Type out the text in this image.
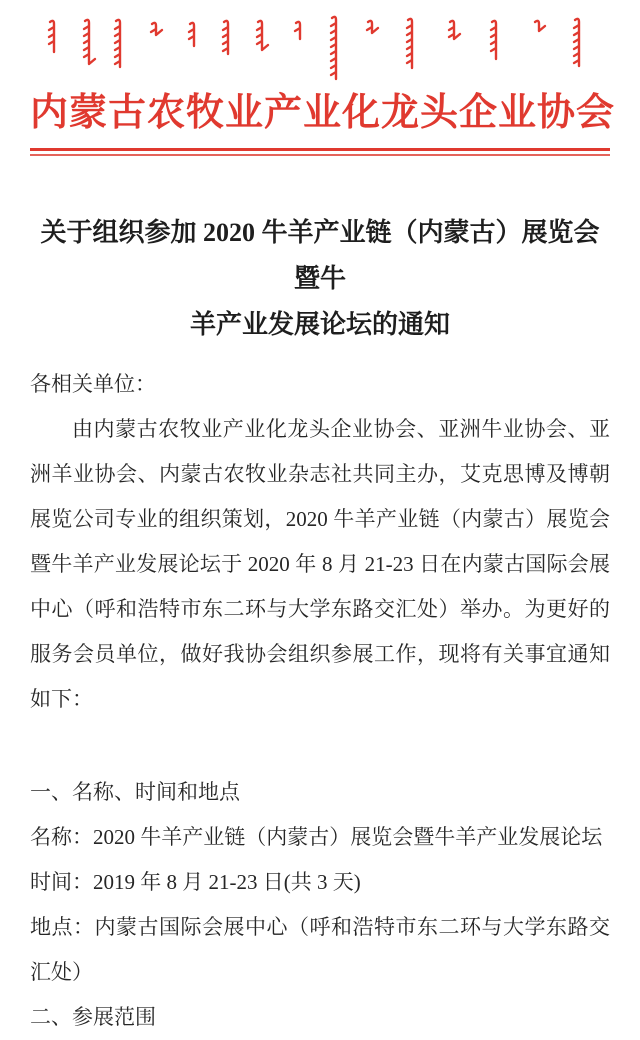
内蒙古农牧业产业化龙头企业协会
关于组织参加 2020 牛羊产业链（内蒙古）展览会暨牛
羊产业发展论坛的通知
各相关单位：
由内蒙古农牧业产业化龙头企业协会、亚洲牛业协会、亚洲羊业协会、内蒙古农牧业杂志社共同主办，艾克思博及博朝展览公司专业的组织策划，2020 牛羊产业链（内蒙古）展览会暨牛羊产业发展论坛于 2020 年 8 月 21-23 日在内蒙古国际会展中心（呼和浩特市东二环与大学东路交汇处）举办。为更好的服务会员单位，做好我协会组织参展工作，现将有关事宜通知如下：
一、名称、时间和地点
名称：2020 牛羊产业链（内蒙古）展览会暨牛羊产业发展论坛
时间：2019 年 8 月 21-23 日(共 3 天)
地点：内蒙古国际会展中心（呼和浩特市东二环与大学东路交汇处）
二、参展范围
